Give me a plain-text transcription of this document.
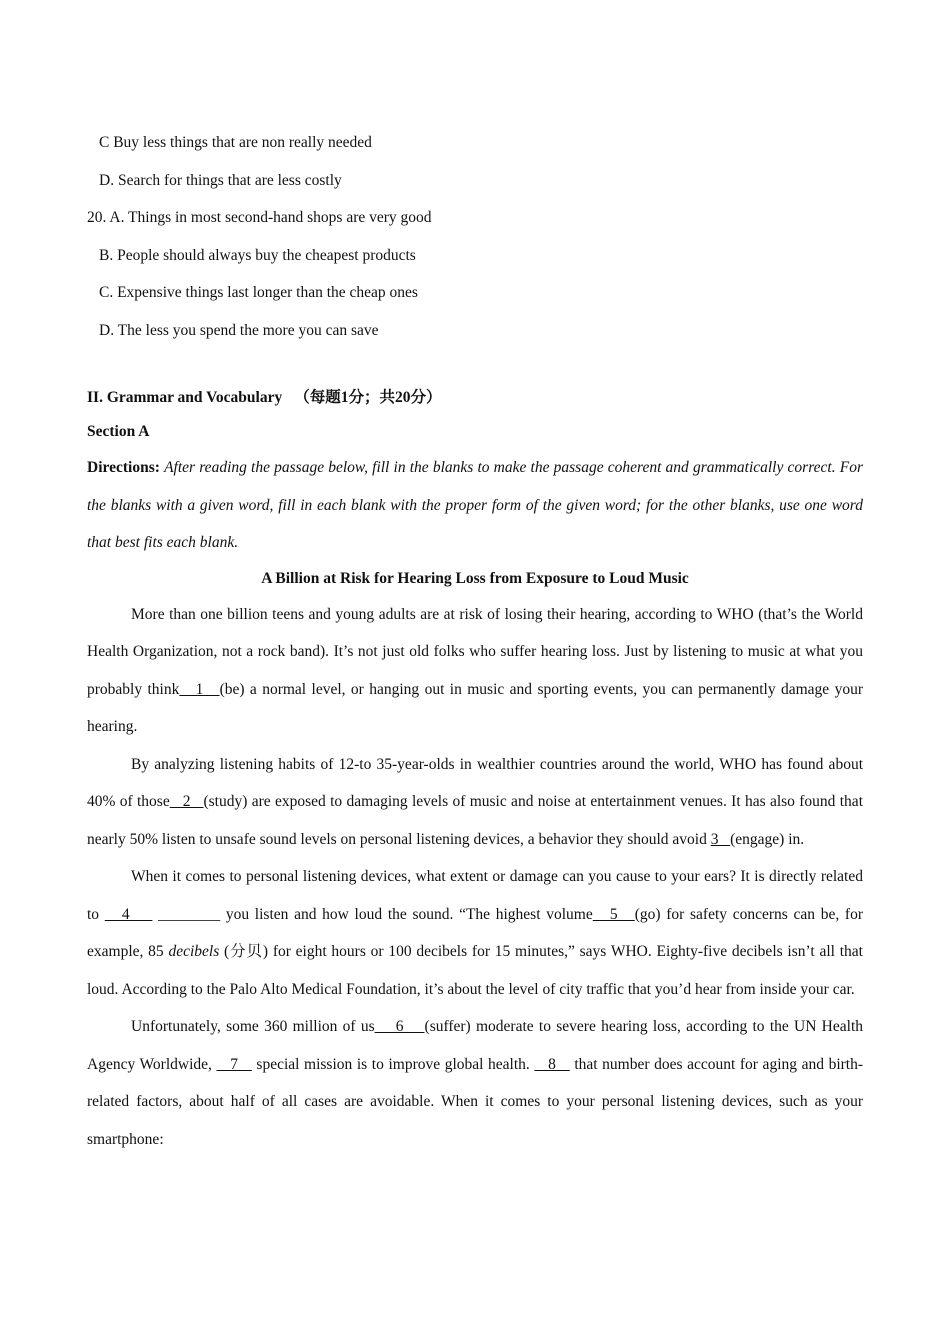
C Buy less things that are non really needed
D. Search for things that are less costly
20. A. Things in most second-hand shops are very good
B. People should always buy the cheapest products
C. Expensive things last longer than the cheap ones
D. The less you spend the more you can save
II. Grammar and Vocabulary （每题1分；共20分）
Section A

Directions: After reading the passage below, fill in the blanks to make the passage coherent and grammatically correct. For the blanks with a given word, fill in each blank with the proper form of the given word; for the other blanks, use one word that best fits each blank.

A Billion at Risk for Hearing Loss from Exposure to Loud Music

More than one billion teens and young adults are at risk of losing their hearing, according to WHO (that’s the World Health Organization, not a rock band). It’s not just old folks who suffer hearing loss. Just by listening to music at what you probably think   1   (be) a normal level, or hanging out in music and sporting events, you can permanently damage your hearing.

By analyzing listening habits of 12-to 35-year-olds in wealthier countries around the world, WHO has found about 40% of those   2   (study) are exposed to damaging levels of music and noise at entertainment venues. It has also found that nearly 50% listen to unsafe sound levels on personal listening devices, a behavior they should avoid 3   (engage) in.

When it comes to personal listening devices, what extent or damage can you cause to your ears? It is directly related to    4     ________ you listen and how loud the sound. “The highest volume   5   (go) for safety concerns can be, for example, 85 decibels (分贝) for eight hours or 100 decibels for 15 minutes,” says WHO. Eighty-five decibels isn’t all that loud. According to the Palo Alto Medical Foundation, it’s about the level of city traffic that you’d hear from inside your car.

Unfortunately, some 360 million of us    6    (suffer) moderate to severe hearing loss, according to the UN Health Agency Worldwide,    7    special mission is to improve global health.    8    that number does account for aging and birth-related factors, about half of all cases are avoidable. When it comes to your personal listening devices, such as your smartphone:
